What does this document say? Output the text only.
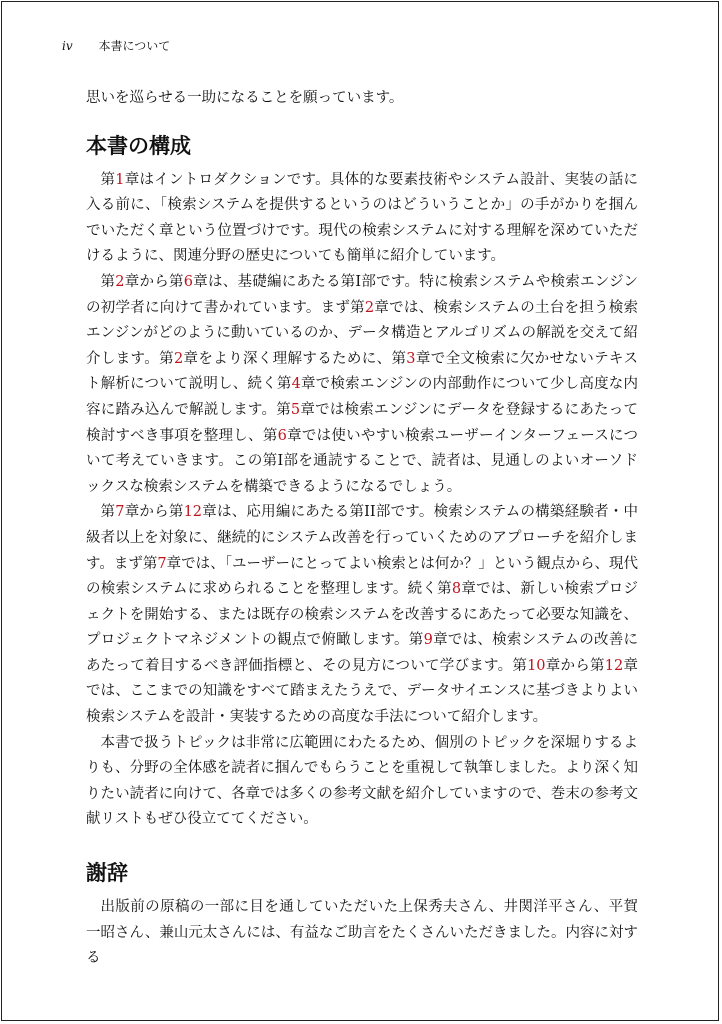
iv 本書について

思いを巡らせる一助になることを願っています。

本書の構成

第1章はイントロダクションです。具体的な要素技術やシステム設計、実装の話に入る前に、「検索システムを提供するというのはどういうことか」の手がかりを掴んでいただく章という位置づけです。現代の検索システムに対する理解を深めていただけるように、関連分野の歴史についても簡単に紹介しています。

第2章から第6章は、基礎編にあたる第I部です。特に検索システムや検索エンジンの初学者に向けて書かれています。まず第2章では、検索システムの土台を担う検索エンジンがどのように動いているのか、データ構造とアルゴリズムの解説を交えて紹介します。第2章をより深く理解するために、第3章で全文検索に欠かせないテキスト解析について説明し、続く第4章で検索エンジンの内部動作について少し高度な内容に踏み込んで解説します。第5章では検索エンジンにデータを登録するにあたって検討すべき事項を整理し、第6章では使いやすい検索ユーザーインターフェースについて考えていきます。この第I部を通読することで、読者は、見通しのよいオーソドックスな検索システムを構築できるようになるでしょう。

第7章から第12章は、応用編にあたる第II部です。検索システムの構築経験者・中級者以上を対象に、継続的にシステム改善を行っていくためのアプローチを紹介します。まず第7章では、「ユーザーにとってよい検索とは何か？」という観点から、現代の検索システムに求められることを整理します。続く第8章では、新しい検索プロジェクトを開始する、または既存の検索システムを改善するにあたって必要な知識を、プロジェクトマネジメントの観点で俯瞰します。第9章では、検索システムの改善にあたって着目するべき評価指標と、その見方について学びます。第10章から第12章では、ここまでの知識をすべて踏まえたうえで、データサイエンスに基づきよりよい検索システムを設計・実装するための高度な手法について紹介します。

本書で扱うトピックは非常に広範囲にわたるため、個別のトピックを深堀りするよりも、分野の全体感を読者に掴んでもらうことを重視して執筆しました。より深く知りたい読者に向けて、各章では多くの参考文献を紹介していますので、巻末の参考文献リストもぜひ役立ててください。

謝辞

出版前の原稿の一部に目を通していただいた上保秀夫さん、井関洋平さん、平賀一昭さん、兼山元太さんには、有益なご助言をたくさんいただきました。内容に対する
